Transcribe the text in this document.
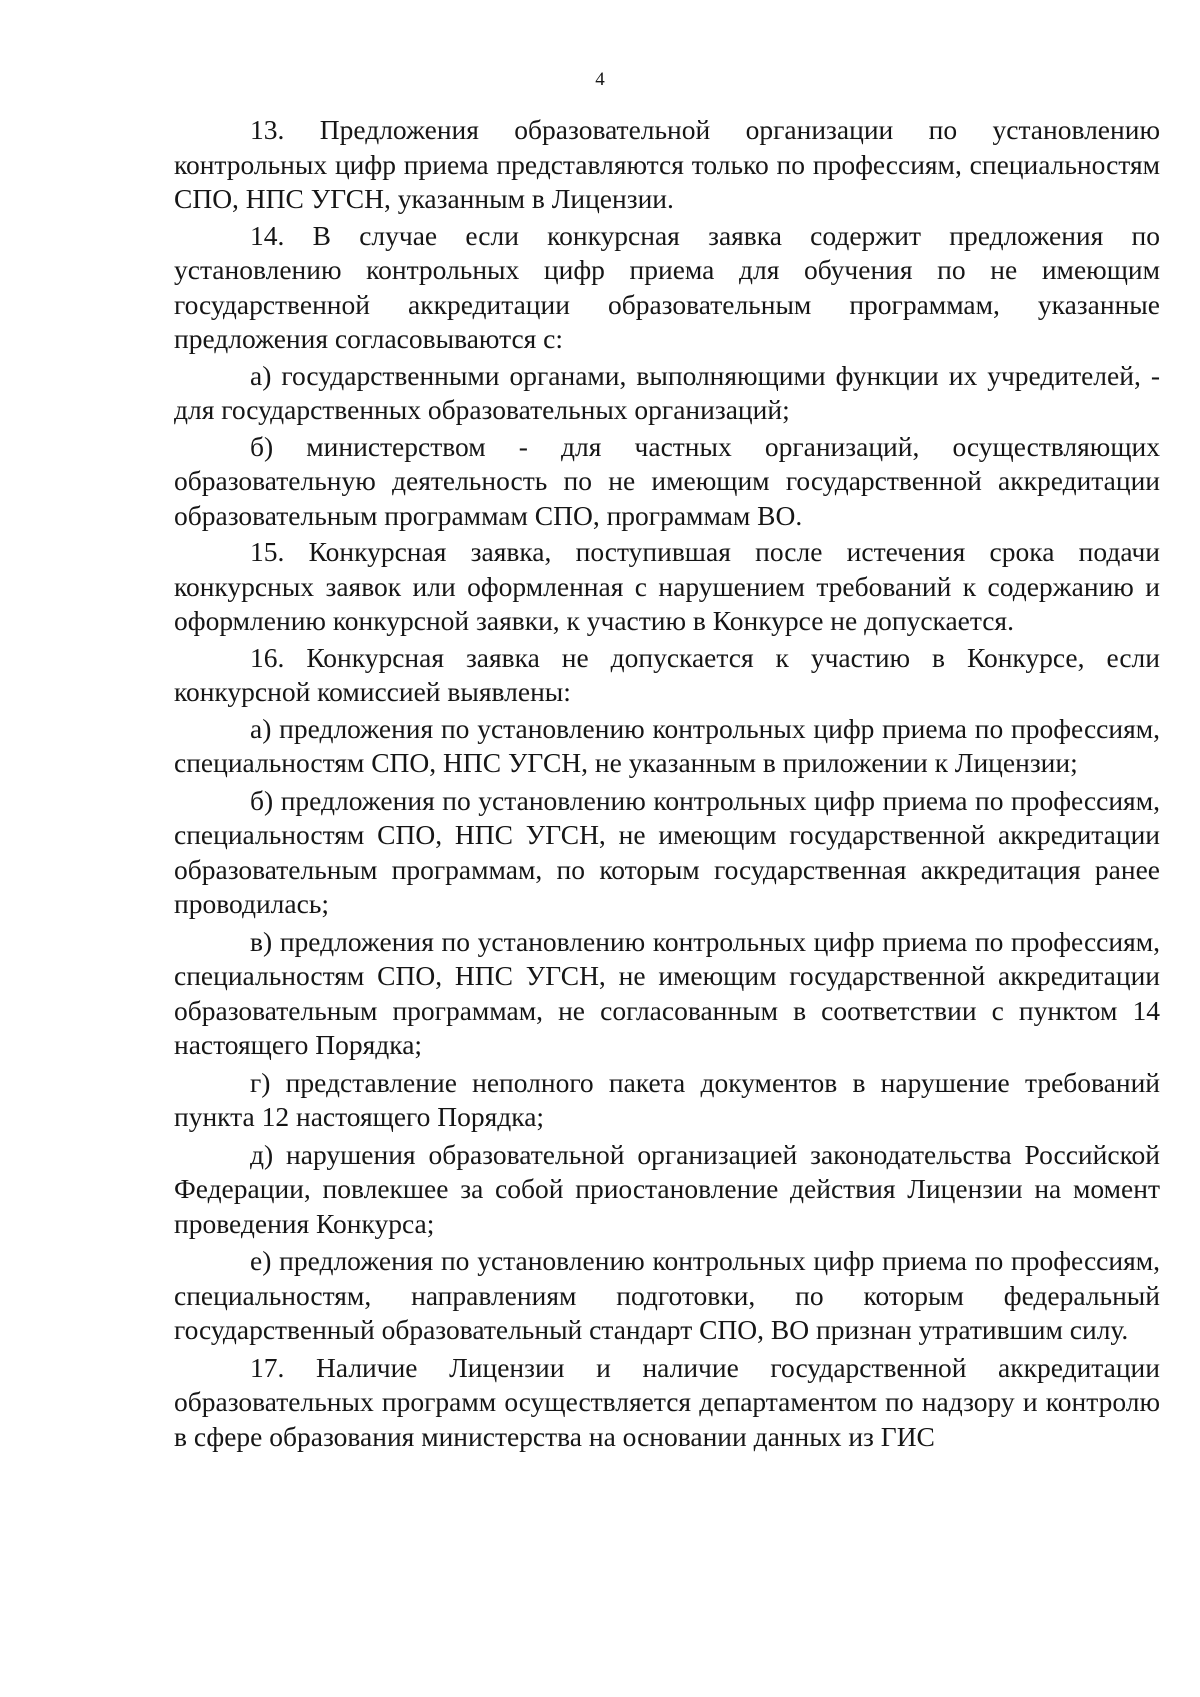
4

13. Предложения образовательной организации по установлению контрольных цифр приема представляются только по профессиям, специальностям СПО, НПС УГСН, указанным в Лицензии.

14. В случае если конкурсная заявка содержит предложения по установлению контрольных цифр приема для обучения по не имеющим государственной аккредитации образовательным программам, указанные предложения согласовываются с:

а) государственными органами, выполняющими функции их учредителей, - для государственных образовательных организаций;

б) министерством - для частных организаций, осуществляющих образовательную деятельность по не имеющим государственной аккредитации образовательным программам СПО, программам ВО.

15. Конкурсная заявка, поступившая после истечения срока подачи конкурсных заявок или оформленная с нарушением требований к содержанию и оформлению конкурсной заявки, к участию в Конкурсе не допускается.

16. Конкурсная заявка не допускается к участию в Конкурсе, если конкурсной комиссией выявлены:

а) предложения по установлению контрольных цифр приема по профессиям, специальностям СПО, НПС УГСН, не указанным в приложении к Лицензии;

б) предложения по установлению контрольных цифр приема по профессиям, специальностям СПО, НПС УГСН, не имеющим государственной аккредитации образовательным программам, по которым государственная аккредитация ранее проводилась;

в) предложения по установлению контрольных цифр приема по профессиям, специальностям СПО, НПС УГСН, не имеющим государственной аккредитации образовательным программам, не согласованным в соответствии с пунктом 14 настоящего Порядка;

г) представление неполного пакета документов в нарушение требований пункта 12 настоящего Порядка;

д) нарушения образовательной организацией законодательства Российской Федерации, повлекшее за собой приостановление действия Лицензии на момент проведения Конкурса;

е) предложения по установлению контрольных цифр приема по профессиям, специальностям, направлениям подготовки, по которым федеральный государственный образовательный стандарт СПО, ВО признан утратившим силу.

17. Наличие Лицензии и наличие государственной аккредитации образовательных программ осуществляется департаментом по надзору и контролю в сфере образования министерства на основании данных из ГИС
